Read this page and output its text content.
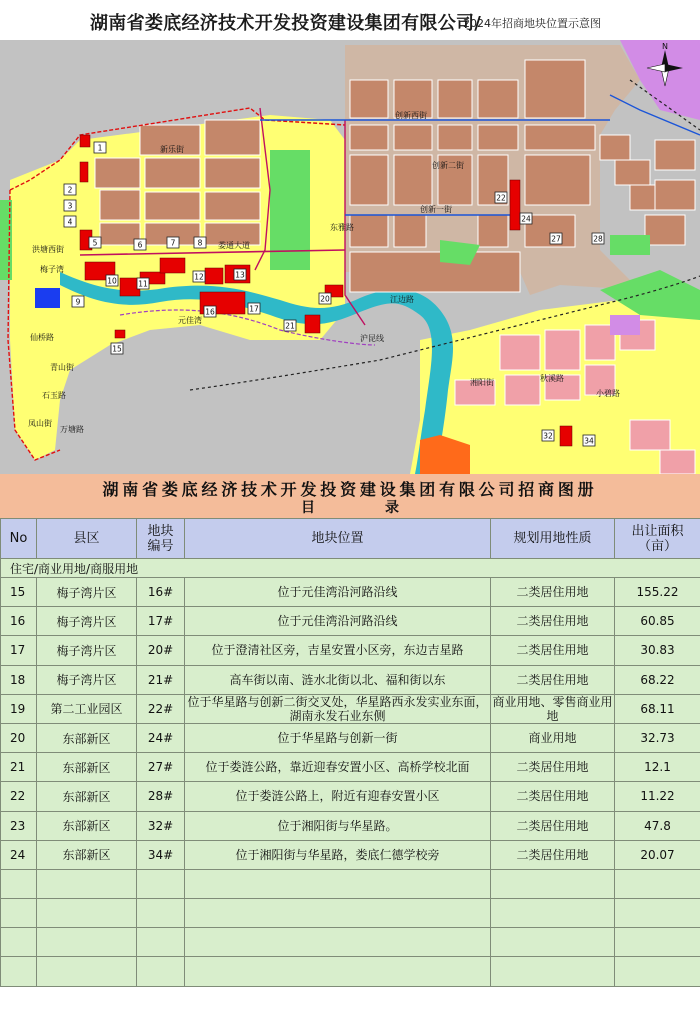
湖南省娄底经济技术开发投资建设集团有限公司/
2024年招商地块位置示意图
N
1
2
3
4
5	6	7	8
9
10	11
12	13
15
16	17
20
21
22
24
27	28
32
34
创新西街
创新一街
创新二街
新乐街
娄通大道
洪塘西街
仙桥路
梅子湾
青山街
石玉路
凤山街
万塘路
秋溪路
小碧路
元佳湾
沪昆线
江边路
东雅路
湘阳街
湖南省娄底经济技术开发投资建设集团有限公司招商图册
目录
No	县区	地块
编号	地块位置	规划用地性质	出让面积
（亩）
住宅/商业用地/商服用地					
15	梅子湾片区	16#	位于元佳湾沿河路沿线	二类居住用地	155.22
16	梅子湾片区	17#	位于元佳湾沿河路沿线	二类居住用地	60.85
17	梅子湾片区	20#	位于澄清社区旁，吉星安置小区旁，东边吉星路	二类居住用地	30.83
18	梅子湾片区	21#	高车街以南、涟水北街以北、福和街以东	二类居住用地	68.22
19	第二工业园区	22#	位于华星路与创新二街交叉处，华星路西永发实业东面，湖南永发石业东侧	商业用地、零售商业用地	68.11
20	东部新区	24#	位于华星路与创新一街	商业用地	32.73
21	东部新区	27#	位于娄涟公路，靠近迎春安置小区、高桥学校北面	二类居住用地	12.1
22	东部新区	28#	位于娄涟公路上，附近有迎春安置小区	二类居住用地	11.22
23	东部新区	32#	位于湘阳街与华星路。	二类居住用地	47.8
24	东部新区	34#	位于湘阳街与华星路，娄底仁德学校旁	二类居住用地	20.07
